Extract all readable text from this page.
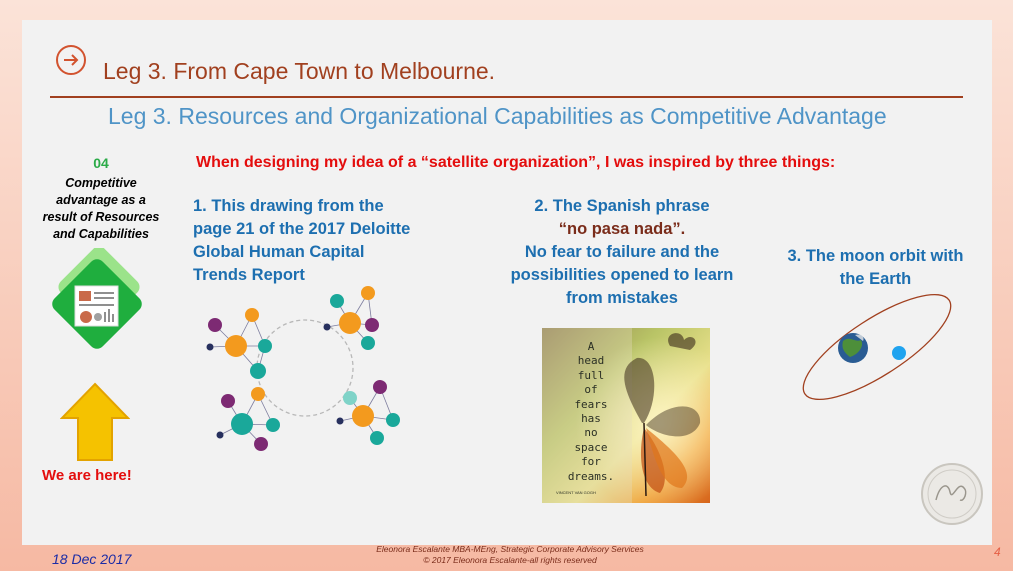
Leg 3. From Cape Town to Melbourne.
Leg 3. Resources and Organizational Capabilities as Competitive Advantage
04
Competitive
advantage as a
result of Resources
and Capabilities
We are here!
When designing my idea of a “satellite organization”, I was inspired by three things:
1. This drawing from the
page 21 of the 2017 Deloitte
Global Human Capital
Trends Report
2. The Spanish phrase
“no pasa nada”.
No fear to failure and the
possibilities opened to learn
from mistakes
A
head
full
of
fears
has
no
space
for
dreams.
VINCENT VAN GOGH
3. The moon orbit with
the Earth
18 Dec 2017
Eleonora Escalante MBA-MEng, Strategic Corporate Advisory Services
© 2017 Eleonora Escalante-all rights reserved
4
